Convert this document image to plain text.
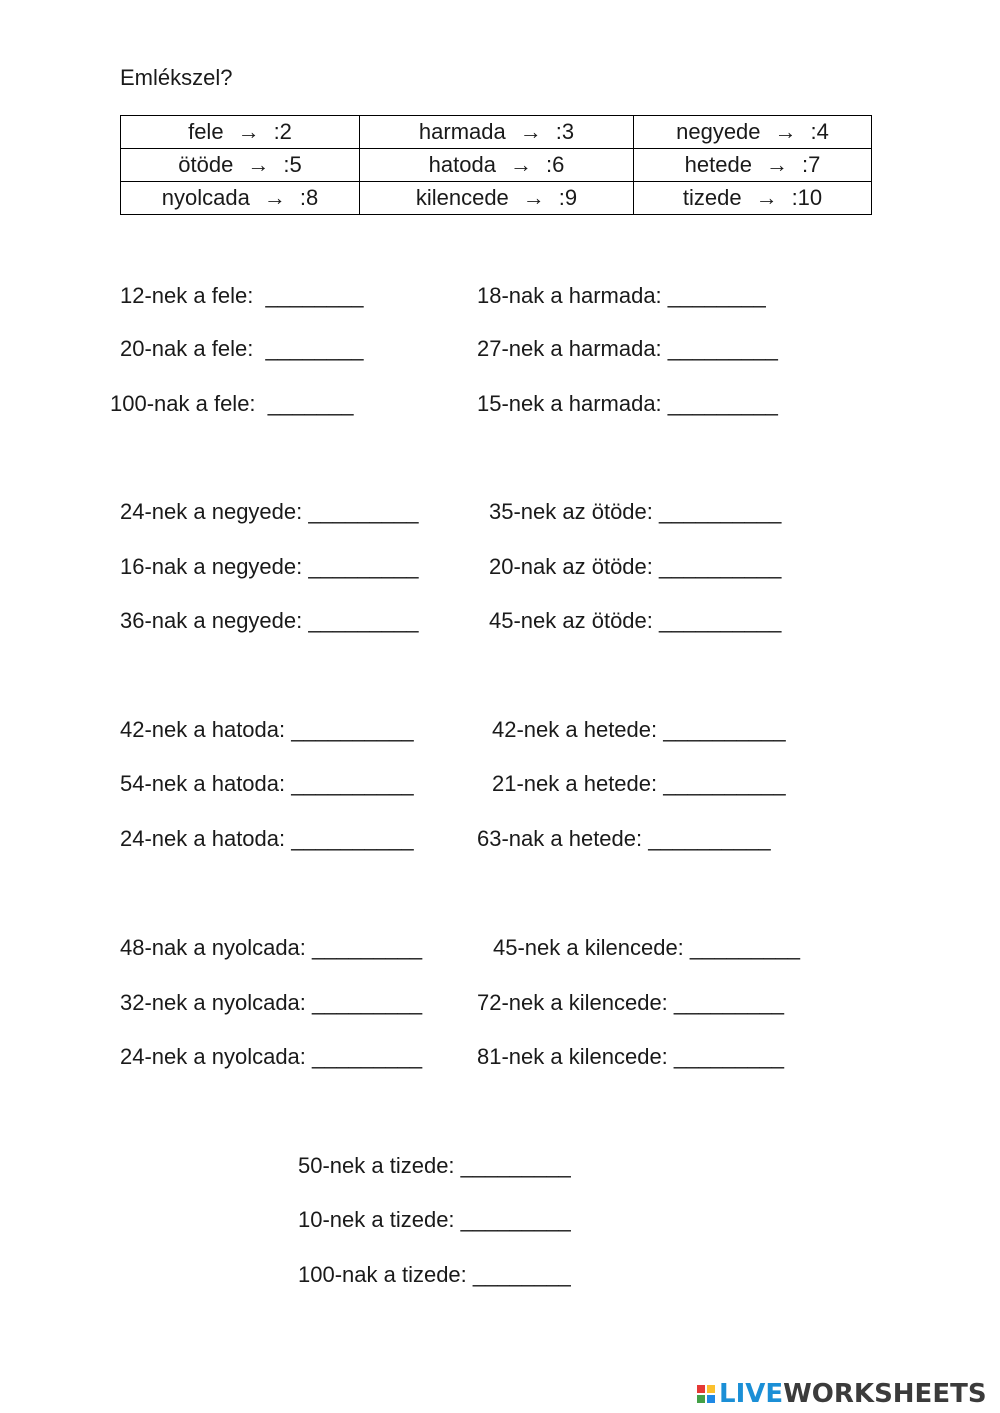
Emlékszel?
fele → :2	harmada → :3	negyede → :4
ötöde → :5	hatoda → :6	hetede → :7
nyolcada → :8	kilencede → :9	tizede → :10
12-nek a fele: ________
20-nak a fele: ________
100-nak a fele: _______
18-nak a harmada: ________
27-nek a harmada: _________
15-nek a harmada: _________
24-nek a negyede: _________
16-nak a negyede: _________
36-nak a negyede: _________
35-nek az ötöde: __________
20-nak az ötöde: __________
45-nek az ötöde: __________
42-nek a hatoda: __________
54-nek a hatoda: __________
24-nek a hatoda: __________
42-nek a hetede: __________
21-nek a hetede: __________
63-nak a hetede: __________
48-nak a nyolcada: _________
32-nek a nyolcada: _________
24-nek a nyolcada: _________
45-nek a kilencede: _________
72-nek a kilencede: _________
81-nek a kilencede: _________
50-nek a tizede: _________
10-nek a tizede: _________
100-nak a tizede: ________
LIVEWORKSHEETS
